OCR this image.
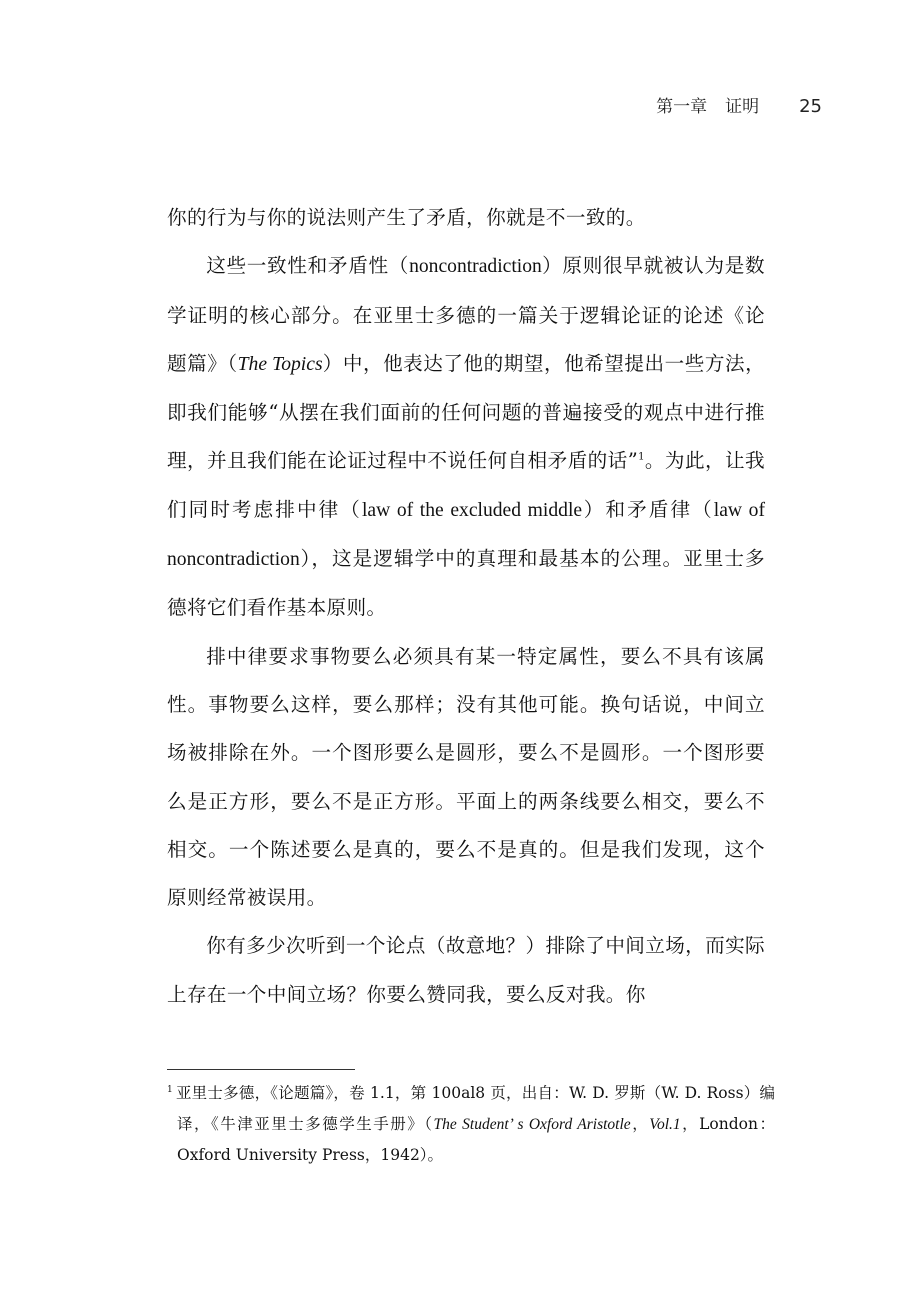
第一章 证明 25

你的行为与你的说法则产生了矛盾，你就是不一致的。

这些一致性和矛盾性（noncontradiction）原则很早就被认为是数学证明的核心部分。在亚里士多德的一篇关于逻辑论证的论述《论题篇》（The Topics）中，他表达了他的期望，他希望提出一些方法，即我们能够“从摆在我们面前的任何问题的普遍接受的观点中进行推理，并且我们能在论证过程中不说任何自相矛盾的话”$^1$。为此，让我们同时考虑排中律（law of the excluded middle）和矛盾律（law of noncontradiction），这是逻辑学中的真理和最基本的公理。亚里士多德将它们看作基本原则。

排中律要求事物要么必须具有某一特定属性，要么不具有该属性。事物要么这样，要么那样；没有其他可能。换句话说，中间立场被排除在外。一个图形要么是圆形，要么不是圆形。一个图形要么是正方形，要么不是正方形。平面上的两条线要么相交，要么不相交。一个陈述要么是真的，要么不是真的。但是我们发现，这个原则经常被误用。

你有多少次听到一个论点（故意地？）排除了中间立场，而实际上存在一个中间立场？你要么赞同我，要么反对我。你

$^1$ 亚里士多德，《论题篇》，卷 1.1，第 100al8 页，出自：W. D. 罗斯（W. D. Ross）编译，《牛津亚里士多德学生手册》（The Student’ s Oxford Aristotle，Vol.1，London：Oxford University Press，1942）。
